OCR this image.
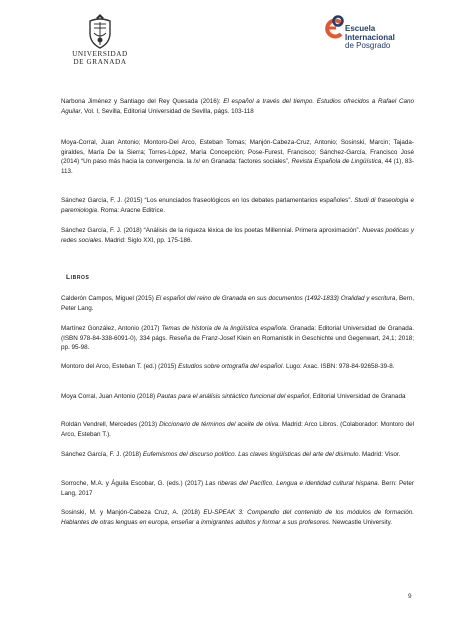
UNIVERSIDAD
DE GRANADA
Escuela
Internacional
de Posgrado

Narbona Jiménez y Santiago del Rey Quesada (2016): El español a través del tiempo. Estudios ofrecidos a Rafael Cano Aguilar, Vol. I, Sevilla, Editorial Universidad de Sevilla, págs. 103-118

Moya-Corral, Juan Antonio; Montoro-Del Arco, Esteban Tomas; Manjón-Cabeza-Cruz, Antonio; Sosinski, Marcin; Tajada-giraldes, María De la Sierra; Torres-López, María Concepción; Pose-Furest, Francisco; Sánchez-García, Francisco José (2014) “Un paso más hacia la convergencia. la /x/ en Granada: factores sociales”, Revista Española de Lingüística, 44 (1), 83-113.

Sánchez García, F. J. (2015) “Los enunciados fraseológicos en los debates parlamentarios españoles”. Studi di fraseologia e paremiologia. Roma: Aracne Editrice.

Sánchez García, F. J. (2018) “Análisis de la riqueza léxica de los poetas Millennial. Primera aproximación”. Nuevas poéticas y redes sociales. Madrid: Siglo XXI, pp. 175-186.

Libros

Calderón Campos, Miguel (2015) El español del reino de Granada en sus documentos (1492-1833) Oralidad y escritura, Bern, Peter Lang.

Martínez González, Antonio (2017) Temas de historia de la lingüística española. Granada: Editorial Universidad de Granada. (ISBN 978-84-338-6091-0), 334 págs. Reseña de Franz-Josef Klein en Romanistik in Geschichte und Gegenwart, 24,1; 2018; pp. 95-98.

Montoro del Arco, Esteban T. (ed.) (2015) Estudios sobre ortografía del español. Lugo: Axac. ISBN: 978-84-92658-39-8.

Moya Corral, Juan Antonio (2018) Pautas para el análisis sintáctico funcional del español, Editorial Universidad de Granada

Roldán Vendrell, Mercedes (2013) Diccionario de términos del aceite de oliva. Madrid: Arco Libros. (Colaborador: Montoro del Arco, Esteban T.).

Sánchez García, F. J. (2018) Eufemismos del discurso político. Las claves lingüísticas del arte del disimulo. Madrid: Visor.

Sorroche, M.A. y Águila Escobar, G. (eds.) (2017) Las riberas del Pacífico. Lengua e identidad cultural hispana. Bern: Peter Lang, 2017

Sosinski, M. y Manjón-Cabeza Cruz, A. (2018) EU-SPEAK 3: Compendio del contenido de los módulos de formación. Hablantes de otras lenguas en europa, enseñar a inmigrantes adultos y formar a sus profesores. Newcastle University.

9
